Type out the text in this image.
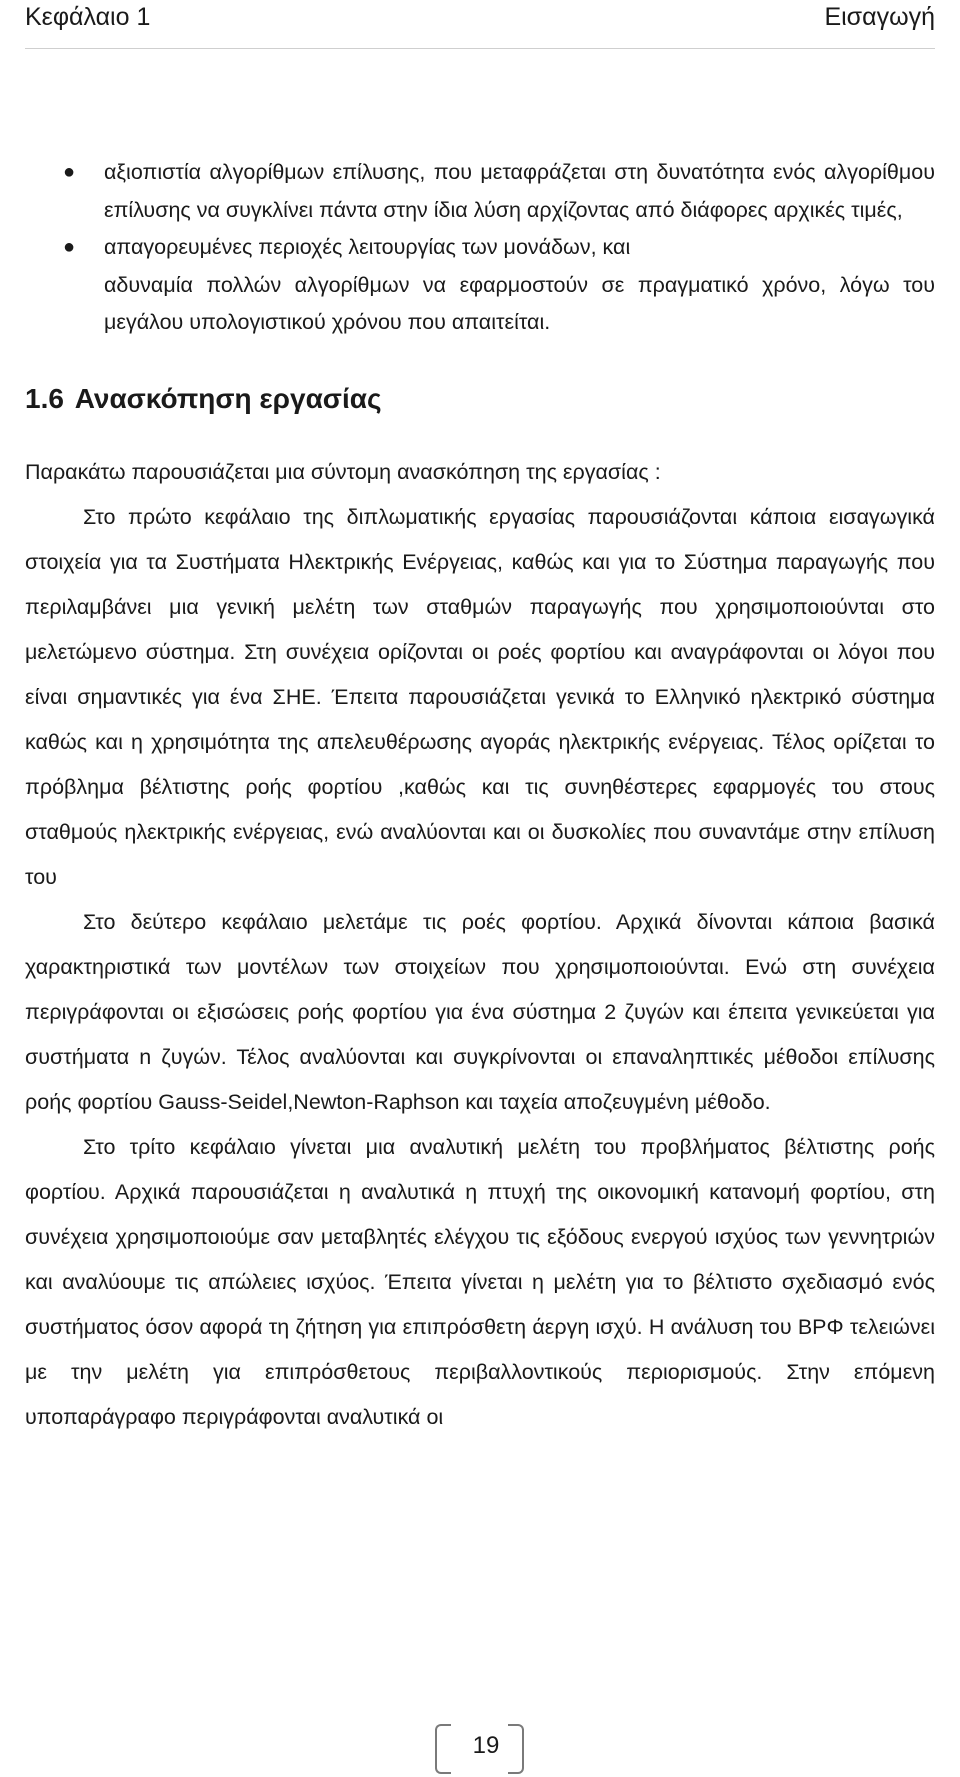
Κεφάλαιο 1	Εισαγωγή

● αξιοπιστία αλγορίθμων επίλυσης, που μεταφράζεται στη δυνατότητα ενός αλγορίθμου επίλυσης να συγκλίνει πάντα στην ίδια λύση αρχίζοντας από διάφορες αρχικές τιμές,

● απαγορευμένες περιοχές λειτουργίας των μονάδων, και

αδυναμία πολλών αλγορίθμων να εφαρμοστούν σε πραγματικό χρόνο, λόγω του μεγάλου υπολογιστικού χρόνου που απαιτείται.

1.6 Ανασκόπηση εργασίας

Παρακάτω παρουσιάζεται μια σύντομη ανασκόπηση της εργασίας :

Στο πρώτο κεφάλαιο της διπλωματικής εργασίας παρουσιάζονται κάποια εισαγωγικά στοιχεία για τα Συστήματα Ηλεκτρικής Ενέργειας, καθώς και για το Σύστημα παραγωγής που περιλαμβάνει μια γενική μελέτη των σταθμών παραγωγής που χρησιμοποιούνται στο μελετώμενο σύστημα. Στη συνέχεια ορίζονται οι ροές φορτίου και αναγράφονται οι λόγοι που είναι σημαντικές για ένα ΣΗΕ. Έπειτα παρουσιάζεται γενικά το Ελληνικό ηλεκτρικό σύστημα καθώς και η χρησιμότητα της απελευθέρωσης αγοράς ηλεκτρικής ενέργειας. Τέλος ορίζεται το πρόβλημα βέλτιστης ροής φορτίου ,καθώς και τις συνηθέστερες εφαρμογές του στους σταθμούς ηλεκτρικής ενέργειας, ενώ αναλύονται και οι δυσκολίες που συναντάμε στην επίλυση του

Στο δεύτερο κεφάλαιο μελετάμε τις ροές φορτίου. Αρχικά δίνονται κάποια βασικά χαρακτηριστικά των μοντέλων των στοιχείων που χρησιμοποιούνται. Ενώ στη συνέχεια περιγράφονται οι εξισώσεις ροής φορτίου για ένα σύστημα 2 ζυγών και έπειτα γενικεύεται για συστήματα n ζυγών. Τέλος αναλύονται και συγκρίνονται οι επαναληπτικές μέθοδοι επίλυσης ροής φορτίου Gauss-Seidel,Newton-Raphson και ταχεία αποζευγμένη μέθοδο.

Στο τρίτο κεφάλαιο γίνεται μια αναλυτική μελέτη του προβλήματος βέλτιστης ροής φορτίου. Αρχικά παρουσιάζεται η αναλυτικά η πτυχή της οικονομική κατανομή φορτίου, στη συνέχεια χρησιμοποιούμε σαν μεταβλητές ελέγχου τις εξόδους ενεργού ισχύος των γεννητριών και αναλύουμε τις απώλειες ισχύος. Έπειτα γίνεται η μελέτη για το βέλτιστο σχεδιασμό ενός συστήματος όσον αφορά τη ζήτηση για επιπρόσθετη άεργη ισχύ. Η ανάλυση του ΒΡΦ τελειώνει με την μελέτη για επιπρόσθετους περιβαλλοντικούς περιορισμούς. Στην επόμενη υποπαράγραφο περιγράφονται αναλυτικά οι

19
